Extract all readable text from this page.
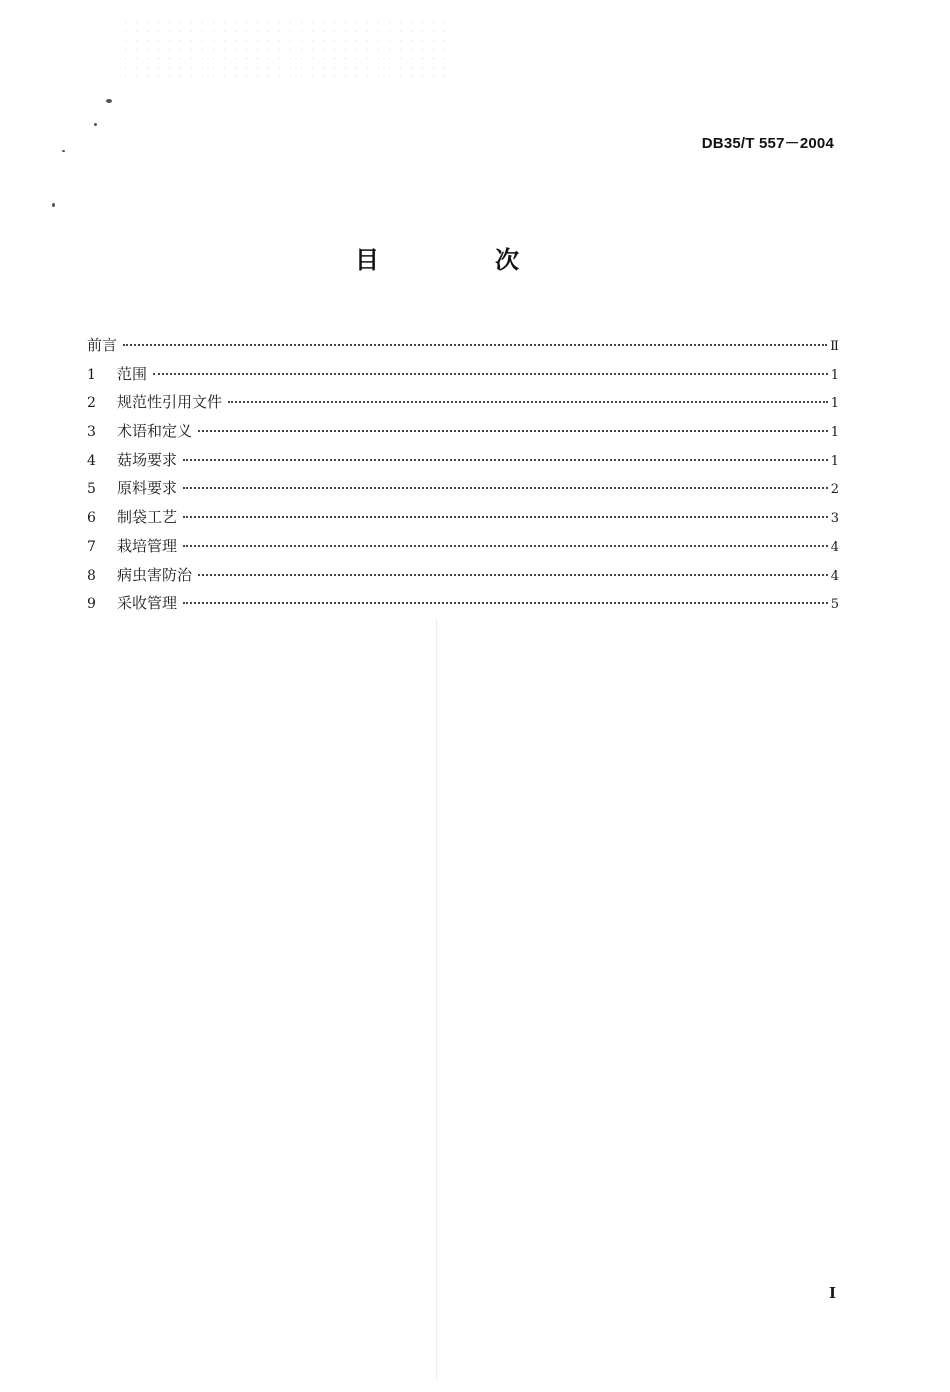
DB35/T 557－2004
目　次
前言	Ⅱ
1	范围	1
2	规范性引用文件	1
3	术语和定义	1
4	菇场要求	1
5	原料要求	2
6	制袋工艺	3
7	栽培管理	4
8	病虫害防治	4
9	采收管理	5
I
